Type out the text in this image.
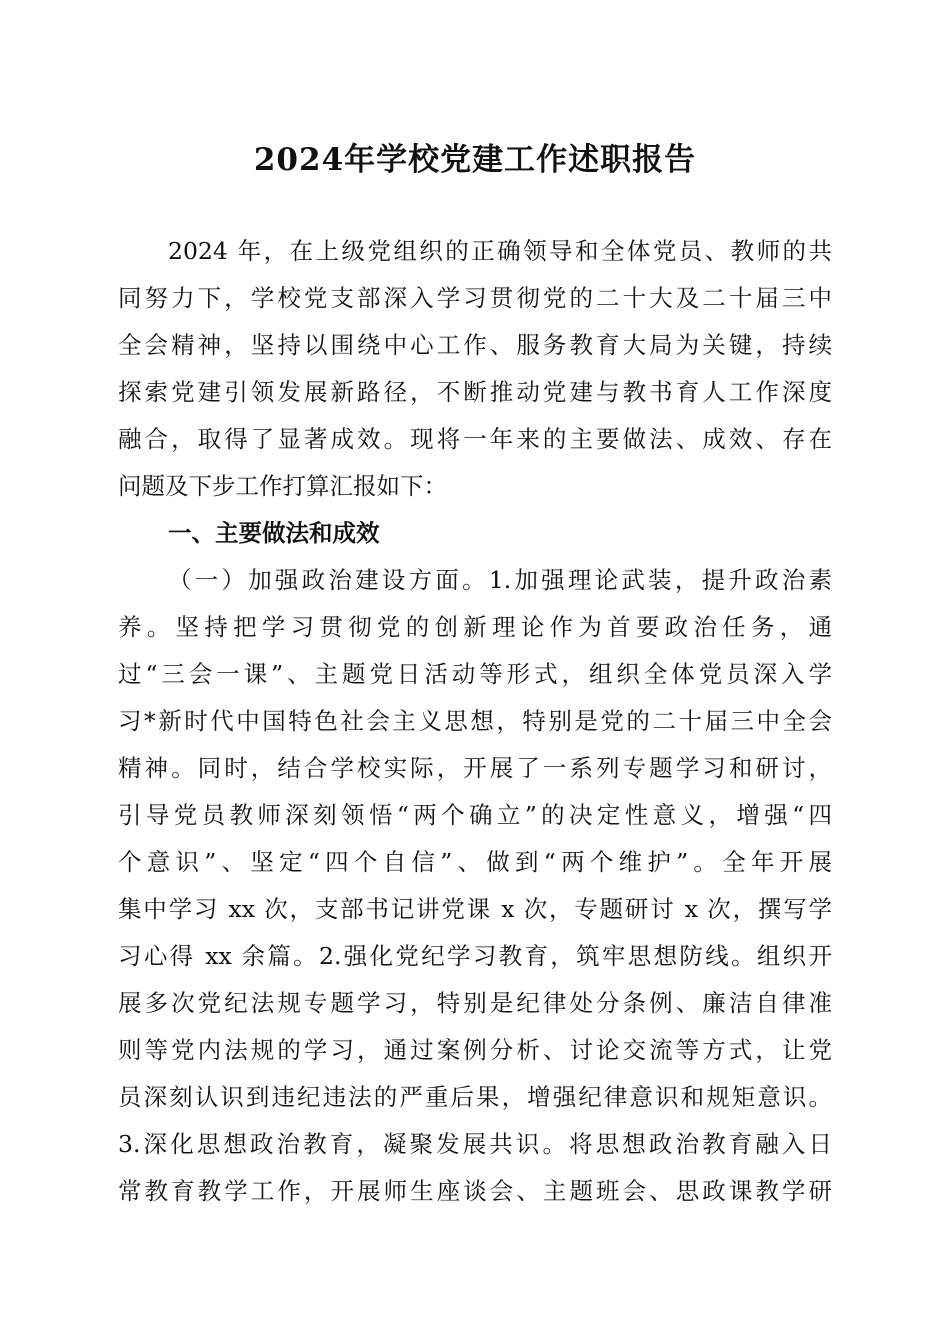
2024年学校党建工作述职报告
2024 年，在上级党组织的正确领导和全体党员、教师的共
同努力下，学校党支部深入学习贯彻党的二十大及二十届三中
全会精神，坚持以围绕中心工作、服务教育大局为关键，持续
探索党建引领发展新路径，不断推动党建与教书育人工作深度
融合，取得了显著成效。现将一年来的主要做法、成效、存在
问题及下步工作打算汇报如下：
一、主要做法和成效
（一）加强政治建设方面。1.加强理论武装，提升政治素
养。坚持把学习贯彻党的创新理论作为首要政治任务，通
过“三会一课”、主题党日活动等形式，组织全体党员深入学
习*新时代中国特色社会主义思想，特别是党的二十届三中全会
精神。同时，结合学校实际，开展了一系列专题学习和研讨，
引导党员教师深刻领悟“两个确立”的决定性意义，增强“四
个意识”、坚定“四个自信”、做到“两个维护”。全年开展
集中学习 xx 次，支部书记讲党课 x 次，专题研讨 x 次，撰写学
习心得 xx 余篇。2.强化党纪学习教育，筑牢思想防线。组织开
展多次党纪法规专题学习，特别是纪律处分条例、廉洁自律准
则等党内法规的学习，通过案例分析、讨论交流等方式，让党
员深刻认识到违纪违法的严重后果，增强纪律意识和规矩意识。
3.深化思想政治教育，凝聚发展共识。将思想政治教育融入日
常教育教学工作，开展师生座谈会、主题班会、思政课教学研
